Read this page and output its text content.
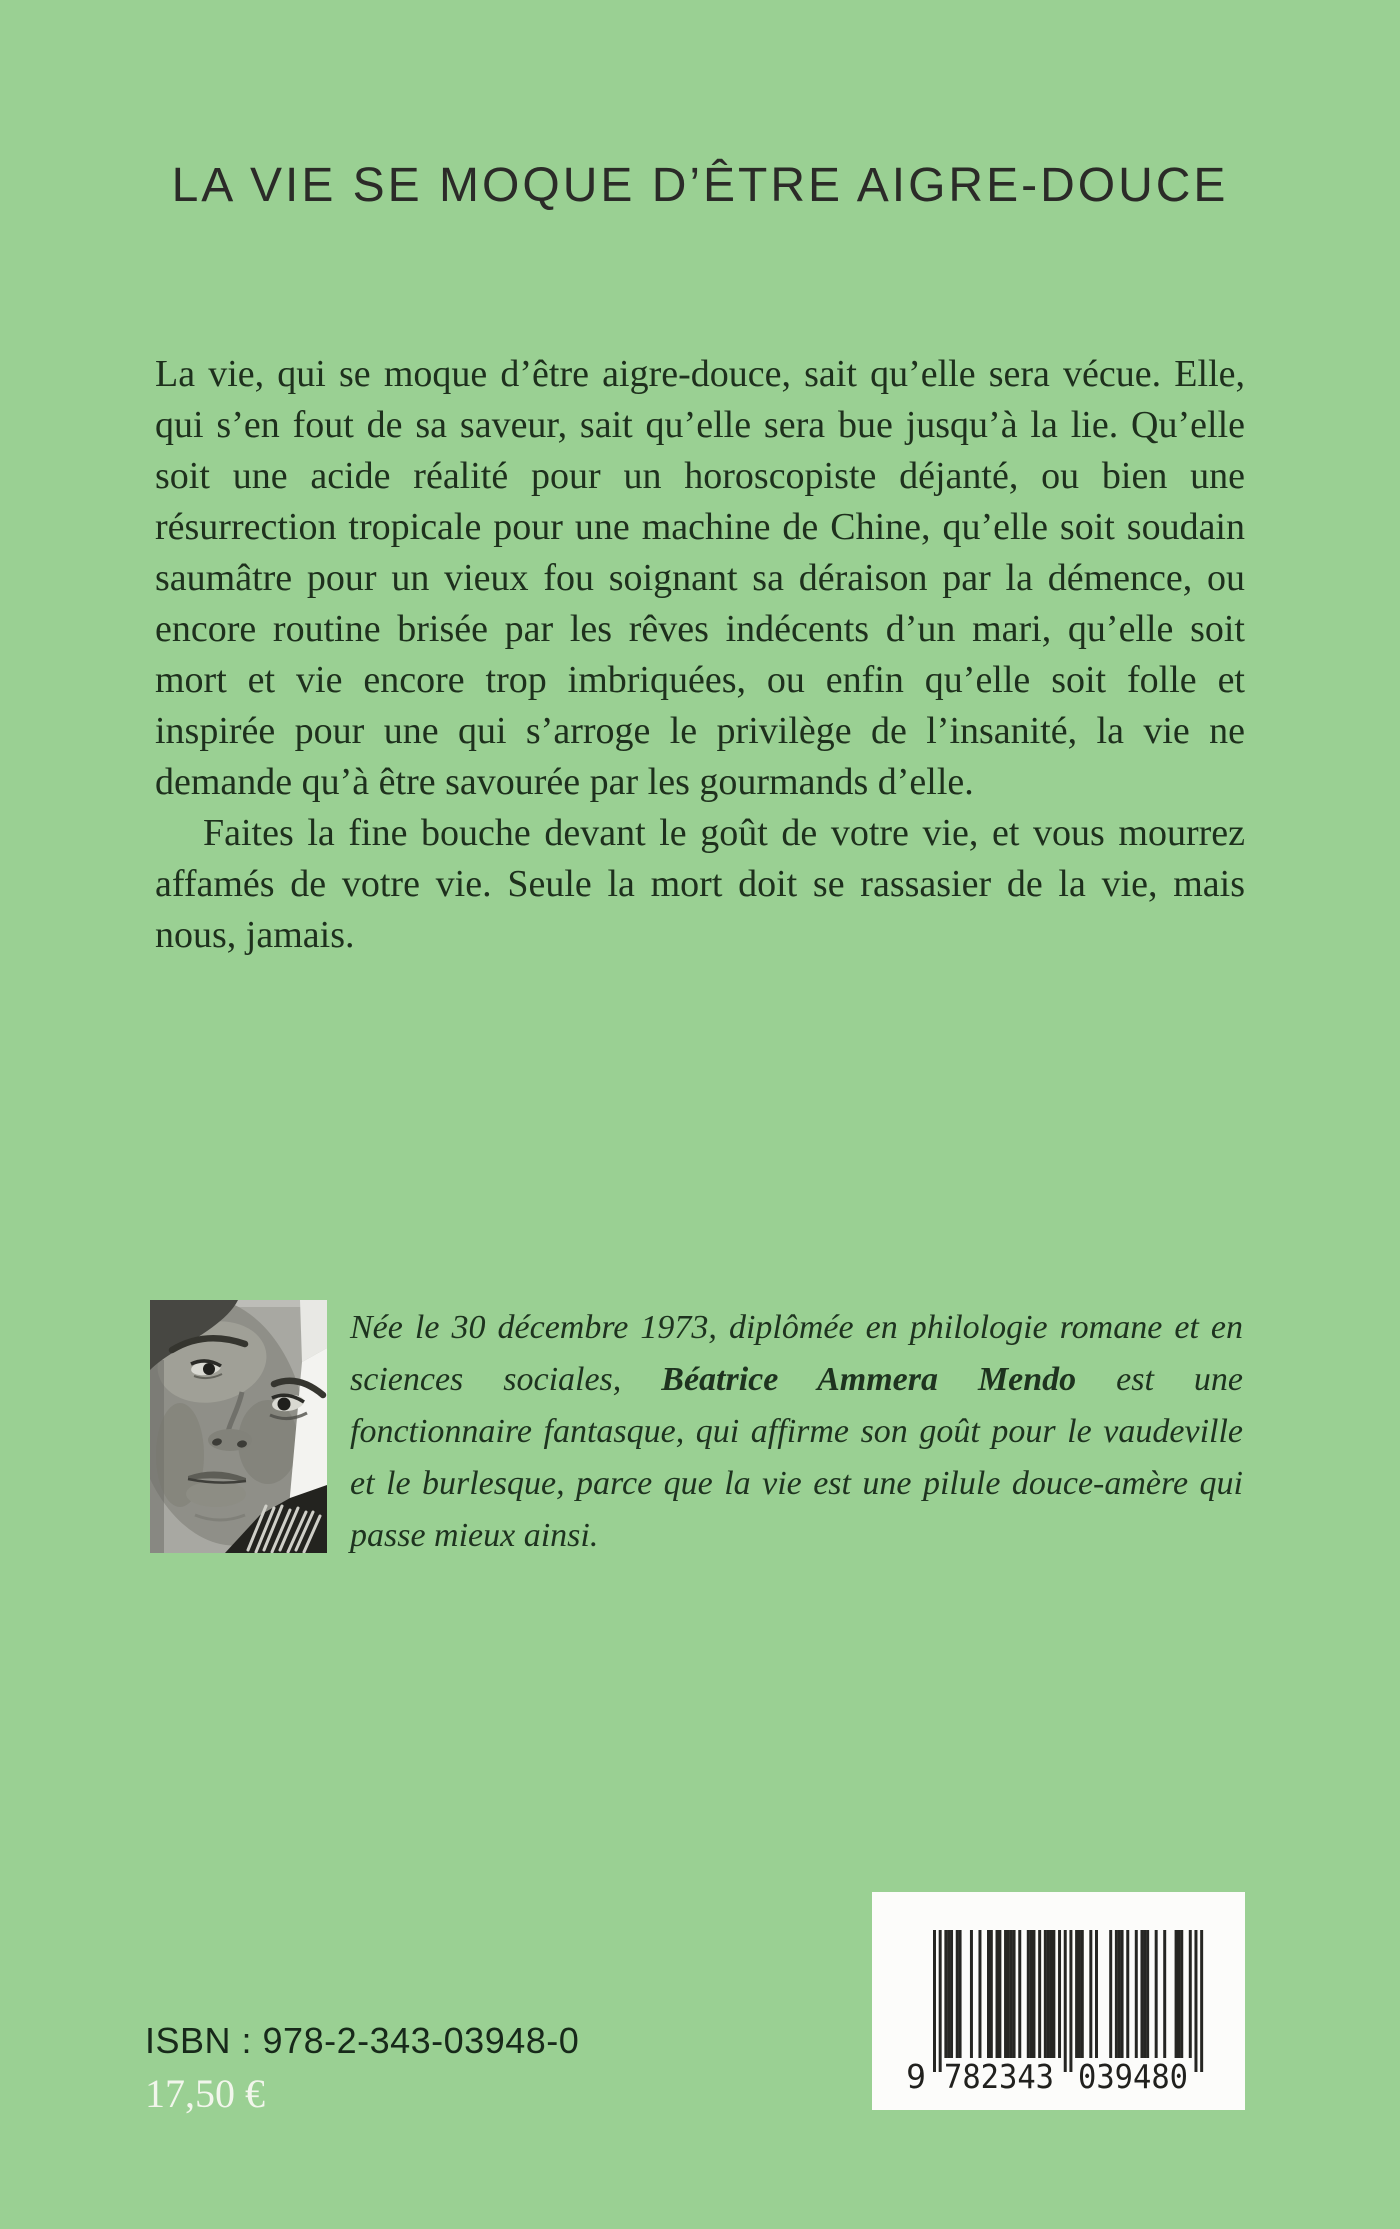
LA VIE SE MOQUE D’ÊTRE AIGRE-DOUCE

La vie, qui se moque d’être aigre-douce, sait qu’elle sera vécue. Elle, qui s’en fout de sa saveur, sait qu’elle sera bue jusqu’à la lie. Qu’elle soit une acide réalité pour un horoscopiste déjanté, ou bien une résurrection tropicale pour une machine de Chine, qu’elle soit soudain saumâtre pour un vieux fou soignant sa déraison par la démence, ou encore routine brisée par les rêves indécents d’un mari, qu’elle soit mort et vie encore trop imbriquées, ou enfin qu’elle soit folle et inspirée pour une qui s’arroge le privilège de l’insanité, la vie ne demande qu’à être savourée par les gourmands d’elle.

Faites la fine bouche devant le goût de votre vie, et vous mourrez affamés de votre vie. Seule la mort doit se rassasier de la vie, mais nous, jamais.

Née le 30 décembre 1973, diplômée en philologie romane et en sciences sociales, Béatrice Ammera Mendo est une fonctionnaire fantasque, qui affirme son goût pour le vaudeville et le burlesque, parce que la vie est une pilule douce-amère qui passe mieux ainsi.

ISBN : 978-2-343-03948-0
17,50 €	9 782343 039480
